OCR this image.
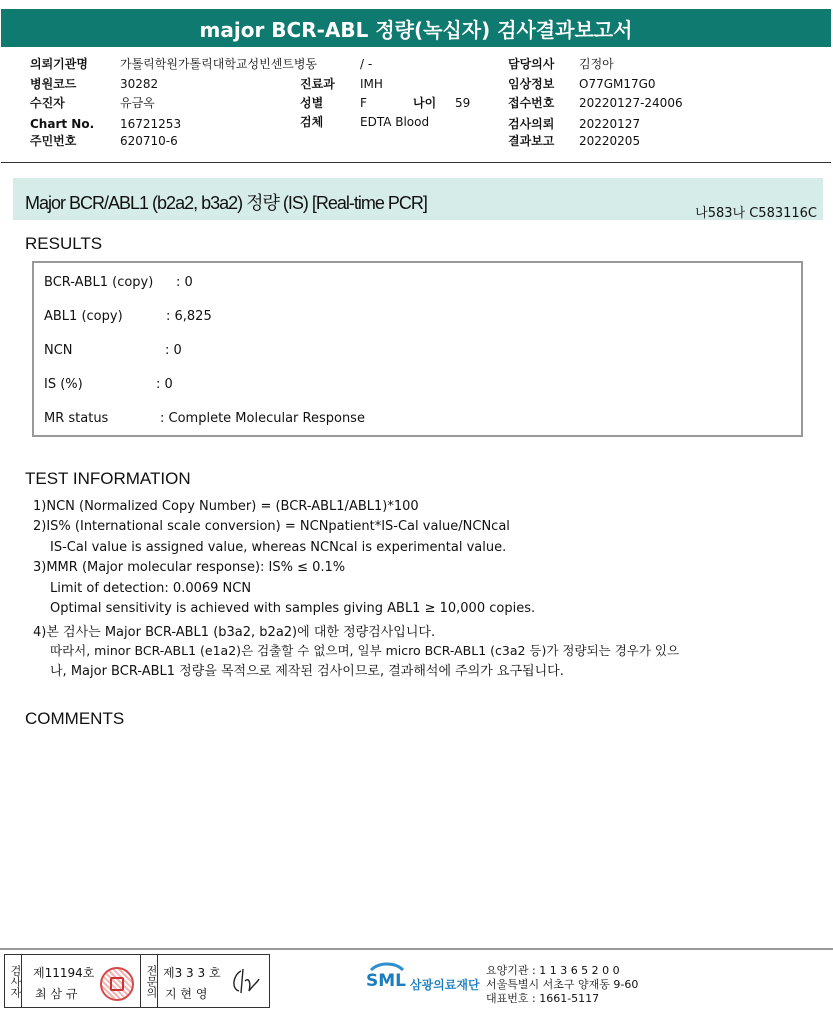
major BCR-ABL 정량(녹십자) 검사결과보고서
의뢰기관명	가톨릭학원가톨릭대학교성빈센트병동	/ -
병원코드	30282
수진자	유금옥
Chart No. 16721253
주민번호	620710-6
진료과 IMH
성별	F	나이 59
검체	EDTA Blood
담당의사 김정아
임상정보 O77GM17G0
접수번호 20220127-24006
검사의뢰 20220127
결과보고 20220205
Major BCR/ABL1 (b2a2, b3a2) 정량 (IS) [Real-time PCR]
나583나 C583116C
RESULTS
BCR-ABL1 (copy) : 0
ABL1 (copy)	: 6,825
NCN	: 0
IS (%)	: 0
MR status	: Complete Molecular Response
TEST INFORMATION
1)NCN (Normalized Copy Number) = (BCR-ABL1/ABL1)*100
2)IS% (International scale conversion) = NCNpatient*IS-Cal value/NCNcal
IS-Cal value is assigned value, whereas NCNcal is experimental value.
3)MMR (Major molecular response): IS% ≤ 0.1%
Limit of detection: 0.0069 NCN
Optimal sensitivity is achieved with samples giving ABL1 ≥ 10,000 copies.
4)본 검사는 Major BCR-ABL1 (b3a2, b2a2)에 대한 정량검사입니다.
따라서, minor BCR-ABL1 (e1a2)은 검출할 수 없으며, 일부 micro BCR-ABL1 (c3a2 등)가 정량되는 경우가 있으
나, Major BCR-ABL1 정량을 목적으로 제작된 검사이므로, 결과해석에 주의가 요구됩니다.
COMMENTS
검사자 제11194호
최 삼 규	전문의 제3 3 3 호
지 현 영
SML 삼광의료재단
요양기관 : 1 1 3 6 5 2 0 0
서울특별시 서초구 양재동 9-60
대표번호 : 1661-5117
